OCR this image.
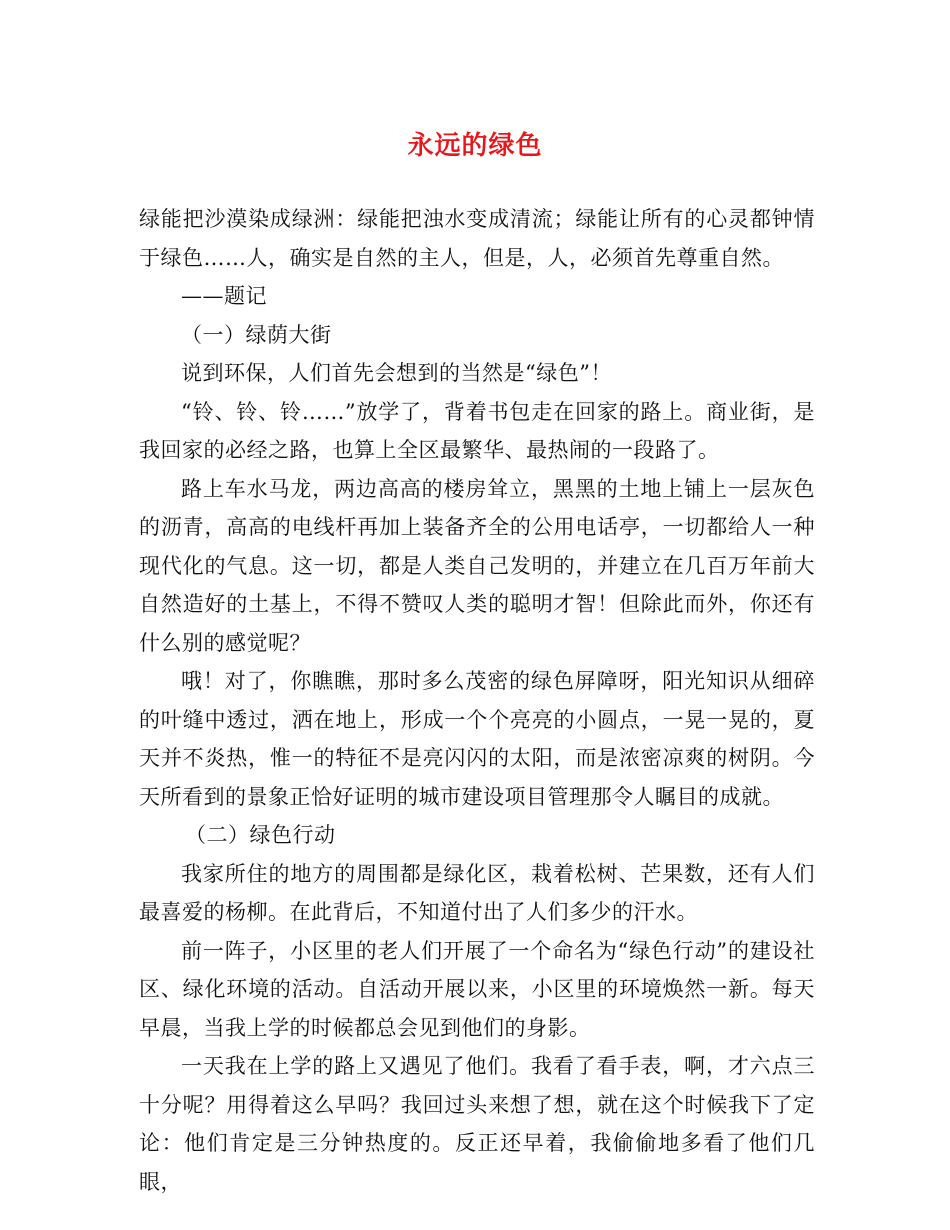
永远的绿色

绿能把沙漠染成绿洲：绿能把浊水变成清流；绿能让所有的心灵都钟情于绿色……人，确实是自然的主人，但是，人，必须首先尊重自然。

——题记

（一）绿荫大街

说到环保，人们首先会想到的当然是“绿色”！

“铃、铃、铃……”放学了，背着书包走在回家的路上。商业街，是我回家的必经之路，也算上全区最繁华、最热闹的一段路了。

路上车水马龙，两边高高的楼房耸立，黑黑的土地上铺上一层灰色的沥青，高高的电线杆再加上装备齐全的公用电话亭，一切都给人一种现代化的气息。这一切，都是人类自己发明的，并建立在几百万年前大自然造好的土基上，不得不赞叹人类的聪明才智！但除此而外，你还有什么别的感觉呢？

哦！对了，你瞧瞧，那时多么茂密的绿色屏障呀，阳光知识从细碎的叶缝中透过，洒在地上，形成一个个亮亮的小圆点，一晃一晃的，夏天并不炎热，惟一的特征不是亮闪闪的太阳，而是浓密凉爽的树阴。今天所看到的景象正恰好证明的城市建设项目管理那令人瞩目的成就。

（二）绿色行动

我家所住的地方的周围都是绿化区，栽着松树、芒果数，还有人们最喜爱的杨柳。在此背后，不知道付出了人们多少的汗水。

前一阵子，小区里的老人们开展了一个命名为“绿色行动”的建设社区、绿化环境的活动。自活动开展以来，小区里的环境焕然一新。每天早晨，当我上学的时候都总会见到他们的身影。

一天我在上学的路上又遇见了他们。我看了看手表，啊，才六点三十分呢？用得着这么早吗？我回过头来想了想，就在这个时候我下了定论：他们肯定是三分钟热度的。反正还早着，我偷偷地多看了他们几眼，
